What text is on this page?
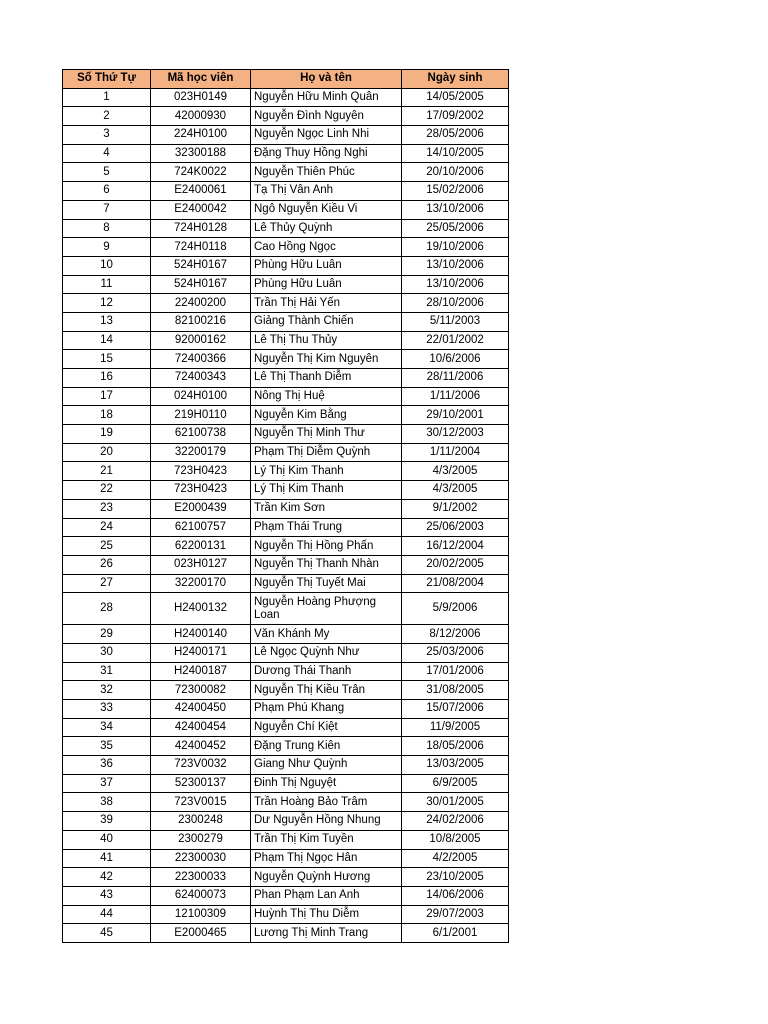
Số Thứ Tự	Mã học viên	Họ và tên	Ngày sinh
1	023H0149	Nguyễn Hữu Minh Quân	14/05/2005
2	42000930	Nguyễn Đình Nguyên	17/09/2002
3	224H0100	Nguyễn Ngọc Linh Nhi	28/05/2006
4	32300188	Đặng Thuy Hồng Nghi	14/10/2005
5	724K0022	Nguyễn Thiên Phúc	20/10/2006
6	E2400061	Tạ Thị Vân Anh	15/02/2006
7	E2400042	Ngô Nguyễn Kiều Vi	13/10/2006
8	724H0128	Lê Thủy Quỳnh	25/05/2006
9	724H0118	Cao Hồng Ngọc	19/10/2006
10	524H0167	Phùng Hữu Luân	13/10/2006
11	524H0167	Phùng Hữu Luân	13/10/2006
12	22400200	Trần Thị Hải Yến	28/10/2006
13	82100216	Giảng Thành Chiến	5/11/2003
14	92000162	Lê Thị Thu Thủy	22/01/2002
15	72400366	Nguyễn Thị Kim Nguyên	10/6/2006
16	72400343	Lê Thị Thanh Diễm	28/11/2006
17	024H0100	Nông Thị Huệ	1/11/2006
18	219H0110	Nguyễn Kim Bằng	29/10/2001
19	62100738	Nguyễn Thị Minh Thư	30/12/2003
20	32200179	Phạm Thị Diễm Quỳnh	1/11/2004
21	723H0423	Lý Thị Kim Thanh	4/3/2005
22	723H0423	Lý Thị Kim Thanh	4/3/2005
23	E2000439	Trần Kim Sơn	9/1/2002
24	62100757	Phạm Thái Trung	25/06/2003
25	62200131	Nguyễn Thị Hồng Phấn	16/12/2004
26	023H0127	Nguyễn Thị Thanh Nhàn	20/02/2005
27	32200170	Nguyễn Thị Tuyết Mai	21/08/2004
28	H2400132	Nguyễn Hoàng Phượng Loan	5/9/2006
29	H2400140	Văn Khánh My	8/12/2006
30	H2400171	Lê Ngọc Quỳnh Như	25/03/2006
31	H2400187	Dương Thái Thanh	17/01/2006
32	72300082	Nguyễn Thị Kiều Trân	31/08/2005
33	42400450	Phạm Phú Khang	15/07/2006
34	42400454	Nguyễn Chí Kiệt	11/9/2005
35	42400452	Đặng Trung Kiên	18/05/2006
36	723V0032	Giang Như Quỳnh	13/03/2005
37	52300137	Đinh Thị Nguyệt	6/9/2005
38	723V0015	Trần Hoàng Bảo Trâm	30/01/2005
39	2300248	Dư Nguyễn Hồng Nhung	24/02/2006
40	2300279	Trần Thị Kim Tuyền	10/8/2005
41	22300030	Phạm Thị Ngọc Hân	4/2/2005
42	22300033	Nguyễn Quỳnh Hương	23/10/2005
43	62400073	Phan Phạm Lan Anh	14/06/2006
44	12100309	Huỳnh Thị Thu Diễm	29/07/2003
45	E2000465	Lương Thị Minh Trang	6/1/2001
